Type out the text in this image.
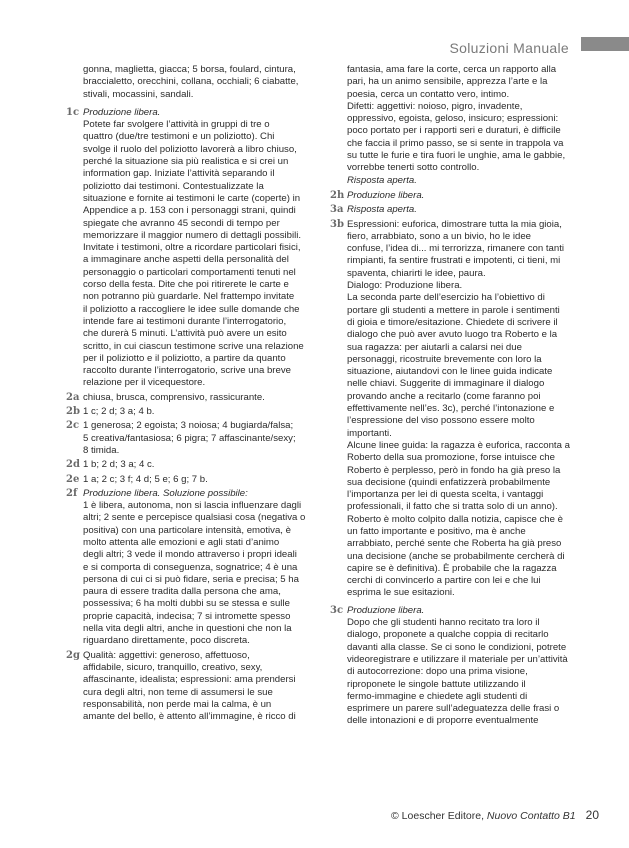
Soluzioni Manuale

gonna, maglietta, giacca; 5 borsa, foulard, cintura,

braccialetto, orecchini, collana, occhiali; 6 ciabatte,

stivali, mocassini, sandali.

1c Produzione libera.

Potete far svolgere l’attività in gruppi di tre o

quattro (due/tre testimoni e un poliziotto). Chi

svolge il ruolo del poliziotto lavorerà a libro chiuso,

perché la situazione sia più realistica e si crei un

information gap. Iniziate l’attività separando il

poliziotto dai testimoni. Contestualizzate la

situazione e fornite ai testimoni le carte (coperte) in

Appendice a p. 153 con i personaggi strani, quindi

spiegate che avranno 45 secondi di tempo per

memorizzare il maggior numero di dettagli possibili.

Invitate i testimoni, oltre a ricordare particolari fisici,

a immaginare anche aspetti della personalità del

personaggio o particolari comportamenti tenuti nel

corso della festa. Dite che poi ritirerete le carte e

non potranno più guardarle. Nel frattempo invitate

il poliziotto a raccogliere le idee sulle domande che

intende fare ai testimoni durante l’interrogatorio,

che durerà 5 minuti. L’attività può avere un esito

scritto, in cui ciascun testimone scrive una relazione

per il poliziotto e il poliziotto, a partire da quanto

raccolto durante l’interrogatorio, scrive una breve

relazione per il vicequestore.

2a chiusa, brusca, comprensivo, rassicurante.

2b 1 c; 2 d; 3 a; 4 b.

2c 1 generosa; 2 egoista; 3 noiosa; 4 bugiarda/falsa;

5 creativa/fantasiosa; 6 pigra; 7 affascinante/sexy;

8 timida.

2d 1 b; 2 d; 3 a; 4 c.

2e 1 a; 2 c; 3 f; 4 d; 5 e; 6 g; 7 b.

2f Produzione libera. Soluzione possibile:

1 è libera, autonoma, non si lascia influenzare dagli

altri; 2 sente e percepisce qualsiasi cosa (negativa o

positiva) con una particolare intensità, emotiva, è

molto attenta alle emozioni e agli stati d’animo

degli altri; 3 vede il mondo attraverso i propri ideali

e si comporta di conseguenza, sognatrice; 4 è una

persona di cui ci si può fidare, seria e precisa; 5 ha

paura di essere tradita dalla persona che ama,

possessiva; 6 ha molti dubbi su se stessa e sulle

proprie capacità, indecisa; 7 si intromette spesso

nella vita degli altri, anche in questioni che non la

riguardano direttamente, poco discreta.

2g Qualità: aggettivi: generoso, affettuoso,

affidabile, sicuro, tranquillo, creativo, sexy,

affascinante, idealista; espressioni: ama prendersi

cura degli altri, non teme di assumersi le sue

responsabilità, non perde mai la calma, è un

amante del bello, è attento all’immagine, è ricco di

fantasia, ama fare la corte, cerca un rapporto alla

pari, ha un animo sensibile, apprezza l’arte e la

poesia, cerca un contatto vero, intimo.

Difetti: aggettivi: noioso, pigro, invadente,

oppressivo, egoista, geloso, insicuro; espressioni:

poco portato per i rapporti seri e duraturi, è difficile

che faccia il primo passo, se si sente in trappola va

su tutte le furie e tira fuori le unghie, ama le gabbie,

vorrebbe tenerti sotto controllo.

Risposta aperta.

2h Produzione libera.

3a Risposta aperta.

3b Espressioni: euforica, dimostrare tutta la mia gioia,

fiero, arrabbiato, sono a un bivio, ho le idee

confuse, l’idea di... mi terrorizza, rimanere con tanti

rimpianti, fa sentire frustrati e impotenti, ci tieni, mi

spaventa, chiarirti le idee, paura.

Dialogo: Produzione libera.

La seconda parte dell’esercizio ha l’obiettivo di

portare gli studenti a mettere in parole i sentimenti

di gioia e timore/esitazione. Chiedete di scrivere il

dialogo che può aver avuto luogo tra Roberto e la

sua ragazza: per aiutarli a calarsi nei due

personaggi, ricostruite brevemente con loro la

situazione, aiutandovi con le linee guida indicate

nelle chiavi. Suggerite di immaginare il dialogo

provando anche a recitarlo (come faranno poi

effettivamente nell’es. 3c), perché l’intonazione e

l’espressione del viso possono essere molto

importanti.

Alcune linee guida: la ragazza è euforica, racconta a

Roberto della sua promozione, forse intuisce che

Roberto è perplesso, però in fondo ha già preso la

sua decisione (quindi enfatizzerà probabilmente

l’importanza per lei di questa scelta, i vantaggi

professionali, il fatto che si tratta solo di un anno).

Roberto è molto colpito dalla notizia, capisce che è

un fatto importante e positivo, ma è anche

arrabbiato, perché sente che Roberta ha già preso

una decisione (anche se probabilmente cercherà di

capire se è definitiva). È probabile che la ragazza

cerchi di convincerlo a partire con lei e che lui

esprima le sue esitazioni.

3c Produzione libera.

Dopo che gli studenti hanno recitato tra loro il

dialogo, proponete a qualche coppia di recitarlo

davanti alla classe. Se ci sono le condizioni, potrete

videoregistrare e utilizzare il materiale per un’attività

di autocorrezione: dopo una prima visione,

riproponete le singole battute utilizzando il

fermo-immagine e chiedete agli studenti di

esprimere un parere sull’adeguatezza delle frasi o

delle intonazioni e di proporre eventualmente

© Loescher Editore, Nuovo Contatto B1 20
